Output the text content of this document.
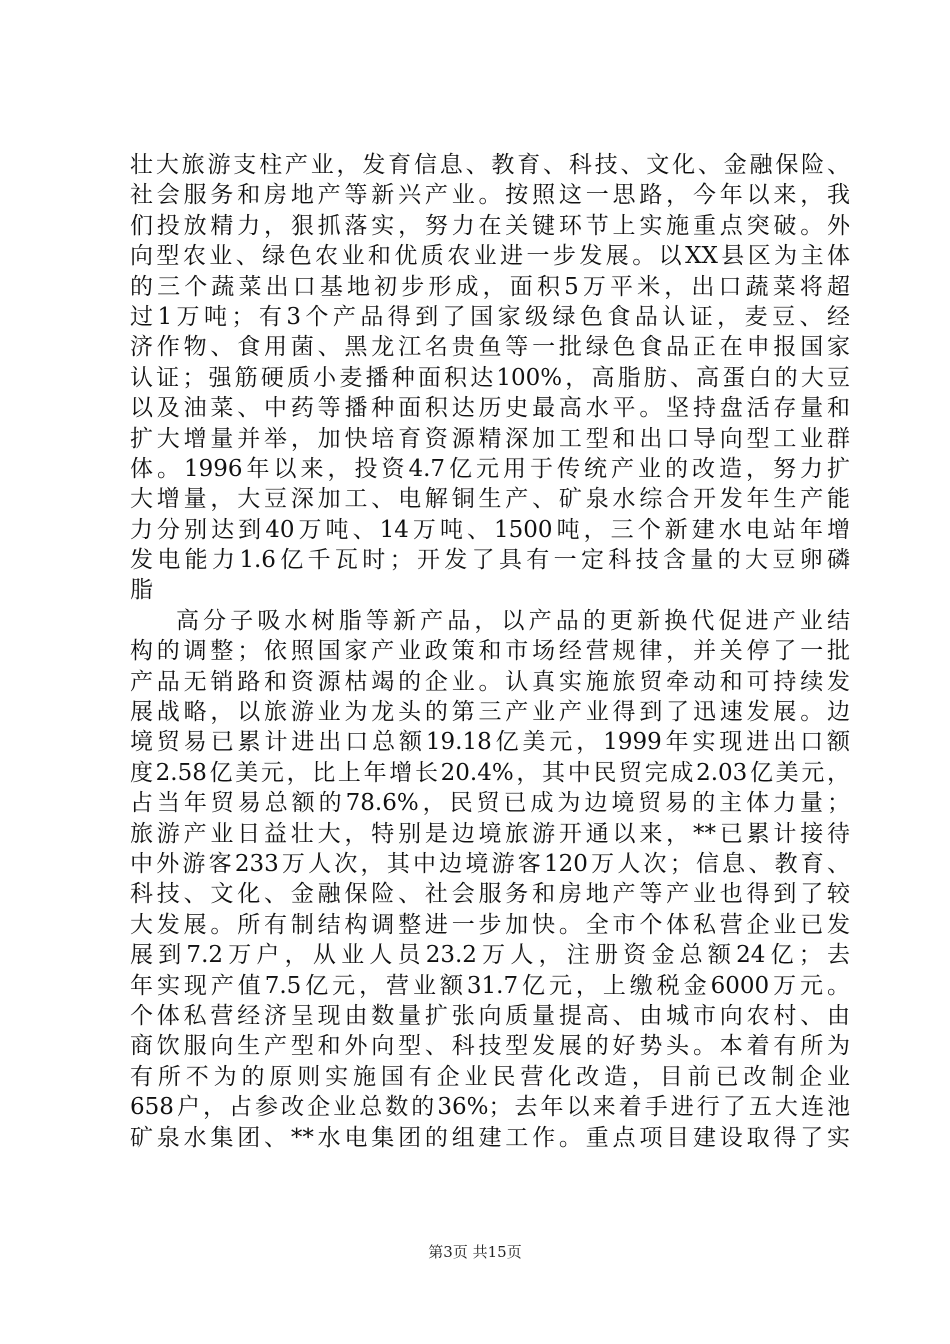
壮大旅游支柱产业，发育信息、教育、科技、文化、金融保险、
社会服务和房地产等新兴产业。按照这一思路，今年以来，我
们投放精力，狠抓落实，努力在关键环节上实施重点突破。外
向型农业、绿色农业和优质农业进一步发展。以XX县区为主体
的三个蔬菜出口基地初步形成，面积5万平米，出口蔬菜将超
过1万吨；有3个产品得到了国家级绿色食品认证，麦豆、经
济作物、食用菌、黑龙江名贵鱼等一批绿色食品正在申报国家
认证；强筋硬质小麦播种面积达100%，高脂肪、高蛋白的大豆
以及油菜、中药等播种面积达历史最高水平。坚持盘活存量和
扩大增量并举，加快培育资源精深加工型和出口导向型工业群
体。1996年以来，投资4.7亿元用于传统产业的改造，努力扩
大增量，大豆深加工、电解铜生产、矿泉水综合开发年生产能
力分别达到40万吨、14万吨、1500吨，三个新建水电站年增
发电能力1.6亿千瓦时；开发了具有一定科技含量的大豆卵磷
脂
高分子吸水树脂等新产品，以产品的更新换代促进产业结
构的调整；依照国家产业政策和市场经营规律，并关停了一批
产品无销路和资源枯竭的企业。认真实施旅贸牵动和可持续发
展战略，以旅游业为龙头的第三产业产业得到了迅速发展。边
境贸易已累计进出口总额19.18亿美元，1999年实现进出口额
度2.58亿美元，比上年增长20.4%，其中民贸完成2.03亿美元，
占当年贸易总额的78.6%，民贸已成为边境贸易的主体力量；
旅游产业日益壮大，特别是边境旅游开通以来，**已累计接待
中外游客233万人次，其中边境游客120万人次；信息、教育、
科技、文化、金融保险、社会服务和房地产等产业也得到了较
大发展。所有制结构调整进一步加快。全市个体私营企业已发
展到7.2万户，从业人员23.2万人，注册资金总额24亿；去
年实现产值7.5亿元，营业额31.7亿元，上缴税金6000万元。
个体私营经济呈现由数量扩张向质量提高、由城市向农村、由
商饮服向生产型和外向型、科技型发展的好势头。本着有所为
有所不为的原则实施国有企业民营化改造，目前已改制企业
658户，占参改企业总数的36%；去年以来着手进行了五大连池
矿泉水集团、**水电集团的组建工作。重点项目建设取得了实
第3页 共15页
